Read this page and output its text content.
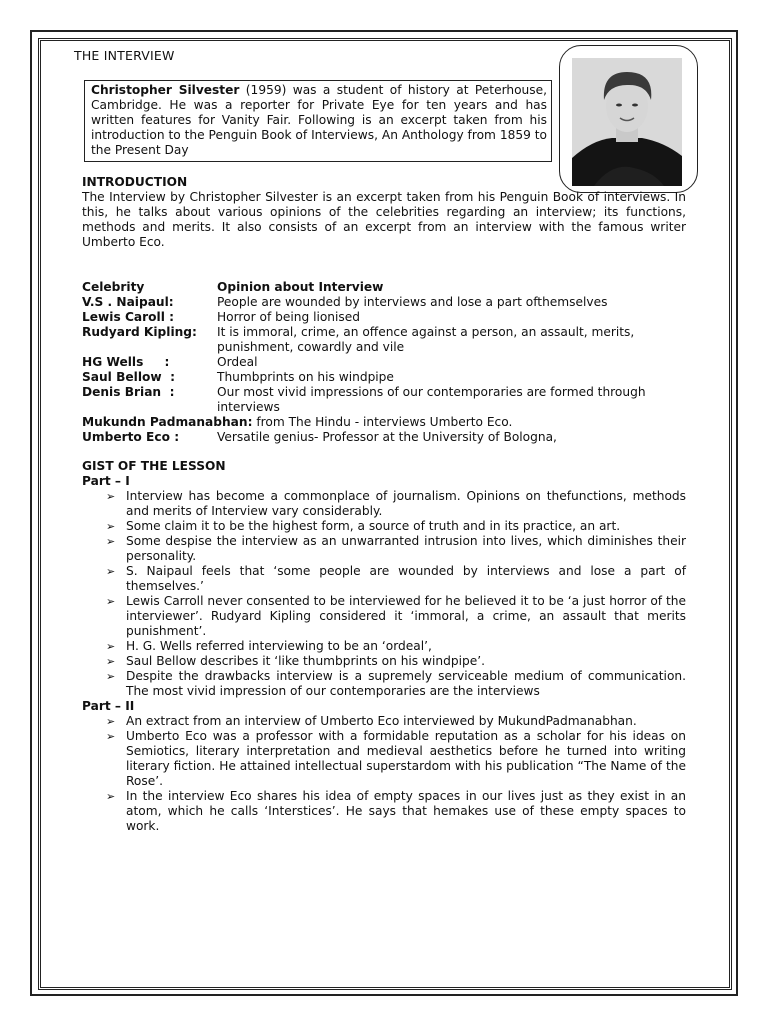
THE INTERVIEW
Christopher Silvester (1959) was a student of history at Peterhouse, Cambridge. He was a reporter for Private Eye for ten years and has written features for Vanity Fair. Following is an excerpt taken from his introduction to the Penguin Book of Interviews, An Anthology from 1859 to the Present Day
INTRODUCTION

The Interview by Christopher Silvester is an excerpt taken from his Penguin Book of interviews. In this, he talks about various opinions of the celebrities regarding an interview; its functions, methods and merits. It also consists of an excerpt from an interview with the famous writer Umberto Eco.

Celebrity	Opinion about Interview
V.S . Naipaul:	People are wounded by interviews and lose a part ofthemselves
Lewis Caroll :	Horror of being lionised
Rudyard Kipling:	It is immoral, crime, an offence against a person, an assault, merits, punishment, cowardly and vile
HG Wells     :	Ordeal
Saul Bellow  :	Thumbprints on his windpipe
Denis Brian  :	Our most vivid impressions of our contemporaries are formed through interviews
Mukundn Padmanabhan: from The Hindu - interviews Umberto Eco.
Umberto Eco :	Versatile genius- Professor at the University of Bologna,
GIST OF THE LESSON
Part – I
➢ Interview has become a commonplace of journalism. Opinions on thefunctions, methods and merits of Interview vary considerably.
➢ Some claim it to be the highest form, a source of truth and in its practice, an art.
➢ Some despise the interview as an unwarranted intrusion into lives, which diminishes their personality.
➢ S. Naipaul feels that ‘some people are wounded by interviews and lose a part of themselves.’
➢ Lewis Carroll never consented to be interviewed for he believed it to be ‘a just horror of the interviewer’. Rudyard Kipling considered it ‘immoral, a crime, an assault that merits punishment’.
➢ H. G. Wells referred interviewing to be an ‘ordeal’,
➢ Saul Bellow describes it ‘like thumbprints on his windpipe’.
➢ Despite the drawbacks interview is a supremely serviceable medium of communication. The most vivid impression of our contemporaries are the interviews
Part – II
➢ An extract from an interview of Umberto Eco interviewed by MukundPadmanabhan.
➢ Umberto Eco was a professor with a formidable reputation as a scholar for his ideas on Semiotics, literary interpretation and medieval aesthetics before he turned into writing literary fiction. He attained intellectual superstardom with his publication “The Name of the Rose’.
➢ In the interview Eco shares his idea of empty spaces in our lives just as they exist in an atom, which he calls ‘Interstices’. He says that hemakes use of these empty spaces to work.
